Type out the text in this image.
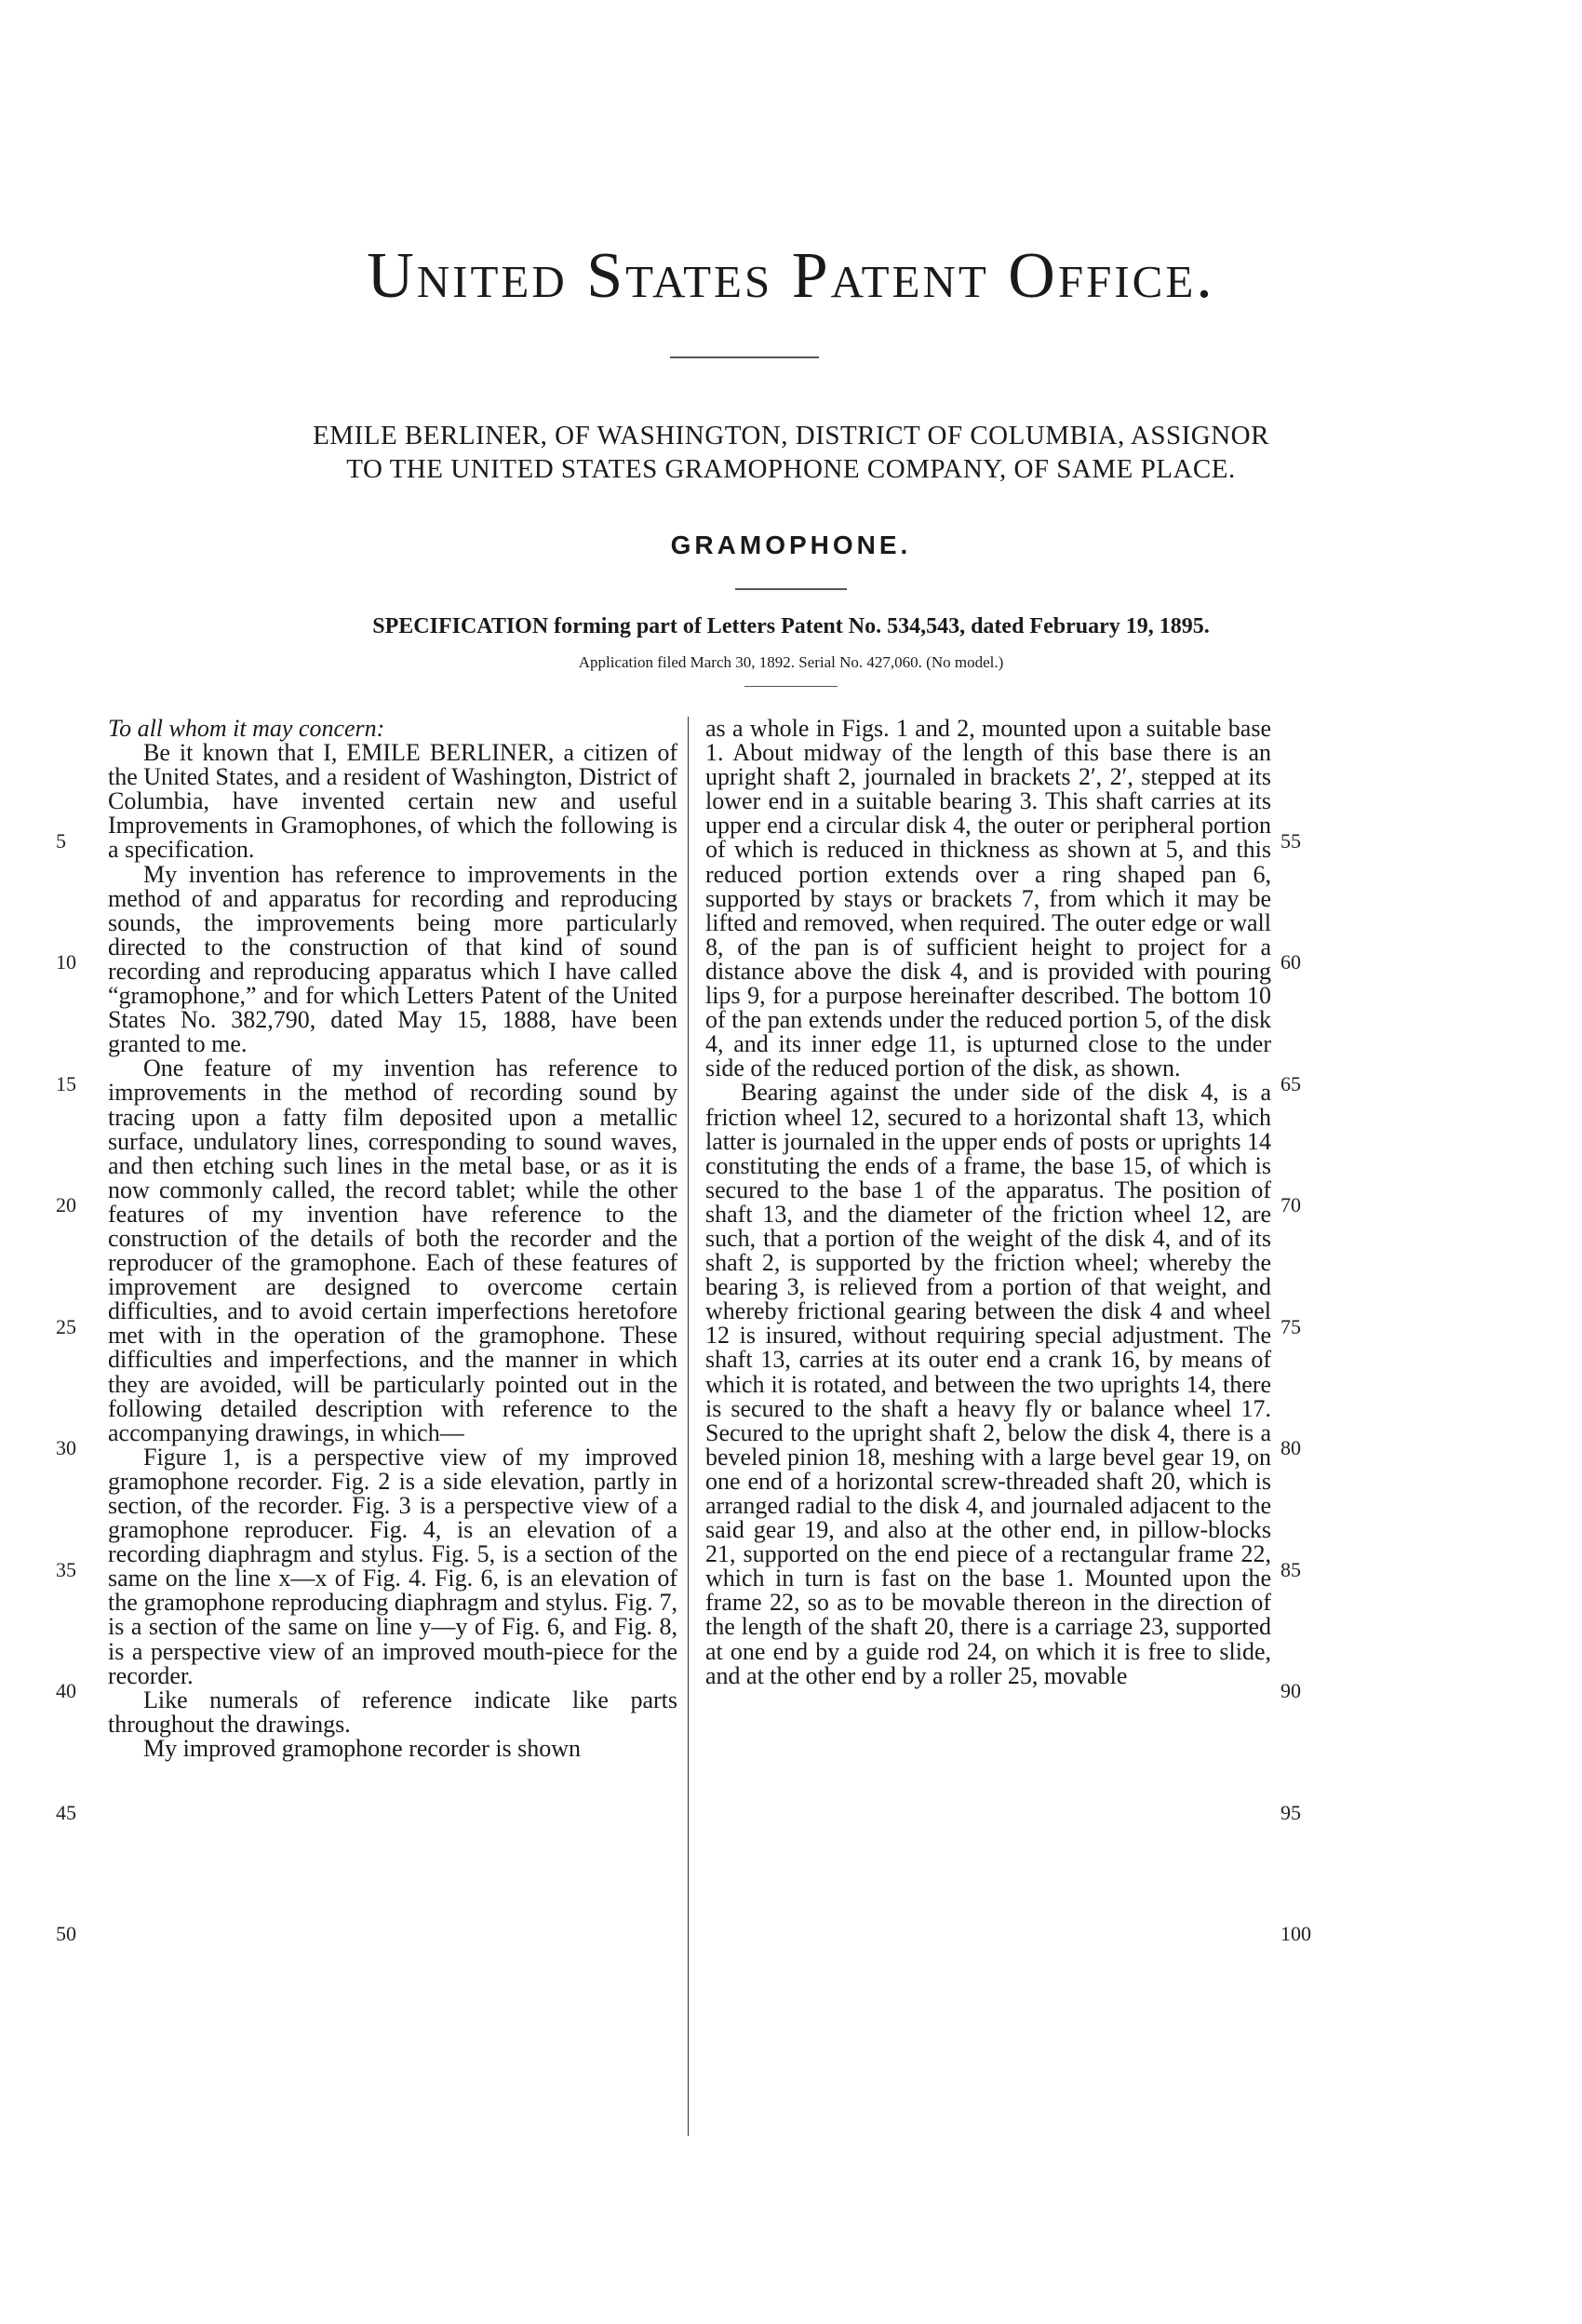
United States Patent Office.
EMILE BERLINER, OF WASHINGTON, DISTRICT OF COLUMBIA, ASSIGNOR
TO THE UNITED STATES GRAMOPHONE COMPANY, OF SAME PLACE.
GRAMOPHONE.
SPECIFICATION forming part of Letters Patent No. 534,543, dated February 19, 1895.
Application filed March 30, 1892. Serial No. 427,060. (No model.)

To all whom it may concern:

Be it known that I, EMILE BERLINER, a citizen of the United States, and a resident of Washington, District of Columbia, have invented certain new and useful Improvements in Gramophones, of which the following is a specification.

My invention has reference to improvements in the method of and apparatus for recording and reproducing sounds, the improvements being more particularly directed to the construction of that kind of sound recording and reproducing apparatus which I have called “gramophone,” and for which Letters Patent of the United States No. 382,790, dated May 15, 1888, have been granted to me.

One feature of my invention has reference to improvements in the method of recording sound by tracing upon a fatty film deposited upon a metallic surface, undulatory lines, corresponding to sound waves, and then etching such lines in the metal base, or as it is now commonly called, the record tablet; while the other features of my invention have reference to the construction of the details of both the recorder and the reproducer of the gramophone. Each of these features of improvement are designed to overcome certain difficulties, and to avoid certain imperfections heretofore met with in the operation of the gramophone. These difficulties and imperfections, and the manner in which they are avoided, will be particularly pointed out in the following detailed description with reference to the accompanying drawings, in which—

Figure 1, is a perspective view of my improved gramophone recorder. Fig. 2 is a side elevation, partly in section, of the recorder. Fig. 3 is a perspective view of a gramophone reproducer. Fig. 4, is an elevation of a recording diaphragm and stylus. Fig. 5, is a section of the same on the line x—x of Fig. 4. Fig. 6, is an elevation of the gramophone reproducing diaphragm and stylus. Fig. 7, is a section of the same on line y—y of Fig. 6, and Fig. 8, is a perspective view of an improved mouth-piece for the recorder.

Like numerals of reference indicate like parts throughout the drawings.

My improved gramophone recorder is shown

as a whole in Figs. 1 and 2, mounted upon a suitable base 1. About midway of the length of this base there is an upright shaft 2, journaled in brackets 2′, 2′, stepped at its lower end in a suitable bearing 3. This shaft carries at its upper end a circular disk 4, the outer or peripheral portion of which is reduced in thickness as shown at 5, and this reduced portion extends over a ring shaped pan 6, supported by stays or brackets 7, from which it may be lifted and removed, when required. The outer edge or wall 8, of the pan is of sufficient height to project for a distance above the disk 4, and is provided with pouring lips 9, for a purpose hereinafter described. The bottom 10 of the pan extends under the reduced portion 5, of the disk 4, and its inner edge 11, is upturned close to the under side of the reduced portion of the disk, as shown.

Bearing against the under side of the disk 4, is a friction wheel 12, secured to a horizontal shaft 13, which latter is journaled in the upper ends of posts or uprights 14 constituting the ends of a frame, the base 15, of which is secured to the base 1 of the apparatus. The position of shaft 13, and the diameter of the friction wheel 12, are such, that a portion of the weight of the disk 4, and of its shaft 2, is supported by the friction wheel; whereby the bearing 3, is relieved from a portion of that weight, and whereby frictional gearing between the disk 4 and wheel 12 is insured, without requiring special adjustment. The shaft 13, carries at its outer end a crank 16, by means of which it is rotated, and between the two uprights 14, there is secured to the shaft a heavy fly or balance wheel 17. Secured to the upright shaft 2, below the disk 4, there is a beveled pinion 18, meshing with a large bevel gear 19, on one end of a horizontal screw-threaded shaft 20, which is arranged radial to the disk 4, and journaled adjacent to the said gear 19, and also at the other end, in pillow-blocks 21, supported on the end piece of a rectangular frame 22, which in turn is fast on the base 1. Mounted upon the frame 22, so as to be movable thereon in the direction of the length of the shaft 20, there is a carriage 23, supported at one end by a guide rod 24, on which it is free to slide, and at the other end by a roller 25, movable

5
10
15
20
25
30
35
40
45
50
55
60
65
70
75
80
85
90
95
100
